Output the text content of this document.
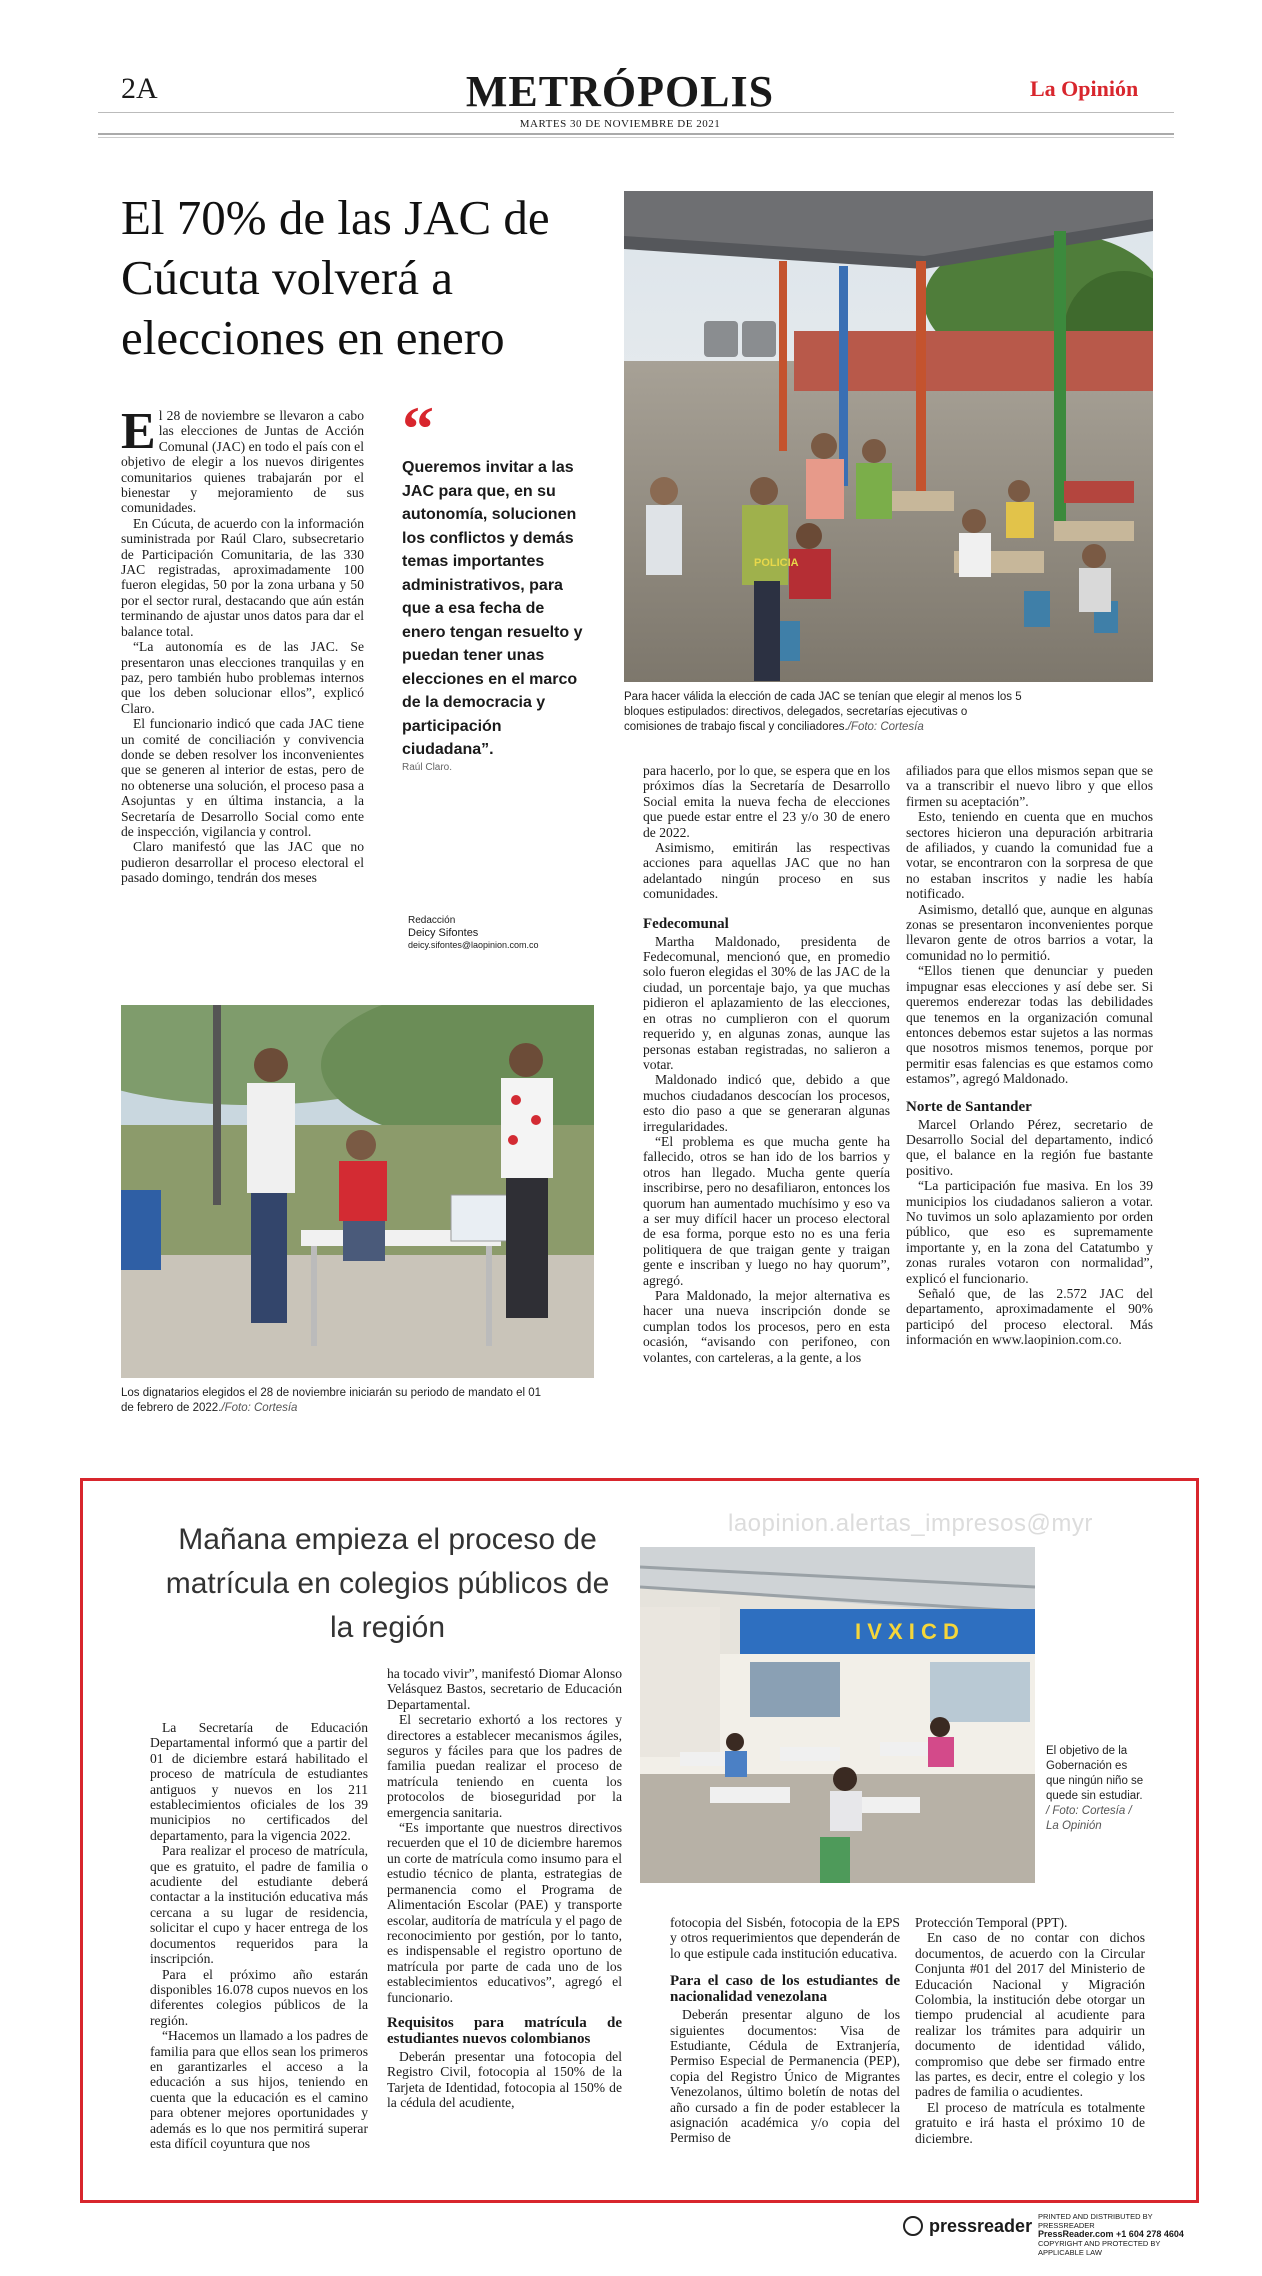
2A	METRÓPOLIS
MARTES 30 DE NOVIEMBRE DE 2021
La Opinión
El 70% de las JAC de Cúcuta volverá a elecciones en enero
POLICIA
Para hacer válida la elección de cada JAC se tenían que elegir al menos los 5 bloques estipulados: directivos, delegados, secretarías ejecutivas o comisiones de trabajo fiscal y conciliadores./Foto: Cortesía

El 28 de noviembre se llevaron a cabo las elecciones de Juntas de Acción Comunal (JAC) en todo el país con el objetivo de elegir a los nuevos dirigentes comunitarios quienes trabajarán por el bienestar y mejoramiento de sus comunidades.

En Cúcuta, de acuerdo con la información suministrada por Raúl Claro, subsecretario de Participación Comunitaria, de las 330 JAC registradas, aproximadamente 100 fueron elegidas, 50 por la zona urbana y 50 por el sector rural, destacando que aún están terminando de ajustar unos datos para dar el balance total.

“La autonomía es de las JAC. Se presentaron unas elecciones tranquilas y en paz, pero también hubo problemas internos que los deben solucionar ellos”, explicó Claro.

El funcionario indicó que cada JAC tiene un comité de conciliación y convivencia donde se deben resolver los inconvenientes que se generen al interior de estas, pero de no obtenerse una solución, el proceso pasa a Asojuntas y en última instancia, a la Secretaría de Desarrollo Social como ente de inspección, vigilancia y control.

Claro manifestó que las JAC que no pudieron desarrollar el proceso electoral el pasado domingo, tendrán dos meses

“
Queremos invitar a las JAC para que, en su autonomía, solucionen los conflictos y demás temas importantes administrativos, para que a esa fecha de enero tengan resuelto y puedan tener unas elecciones en el marco de la democracia y participación ciudadana”.
Raúl Claro.
Redacción
Deicy Sifontes
deicy.sifontes@laopinion.com.co
Los dignatarios elegidos el 28 de noviembre iniciarán su periodo de mandato el 01 de febrero de 2022./Foto: Cortesía

para hacerlo, por lo que, se espera que en los próximos días la Secretaría de Desarrollo Social emita la nueva fecha de elecciones que puede estar entre el 23 y/o 30 de enero de 2022.

Asimismo, emitirán las respectivas acciones para aquellas JAC que no han adelantado ningún proceso en sus comunidades.

Fedecomunal

Martha Maldonado, presidenta de Fedecomunal, mencionó que, en promedio solo fueron elegidas el 30% de las JAC de la ciudad, un porcentaje bajo, ya que muchas pidieron el aplazamiento de las elecciones, en otras no cumplieron con el quorum requerido y, en algunas zonas, aunque las personas estaban registradas, no salieron a votar.

Maldonado indicó que, debido a que muchos ciudadanos descocían los procesos, esto dio paso a que se generaran algunas irregularidades.

“El problema es que mucha gente ha fallecido, otros se han ido de los barrios y otros han llegado. Mucha gente quería inscribirse, pero no desafiliaron, entonces los quorum han aumentado muchísimo y eso va a ser muy difícil hacer un proceso electoral de esa forma, porque esto no es una feria politiquera de que traigan gente y traigan gente e inscriban y luego no hay quorum”, agregó.

Para Maldonado, la mejor alternativa es hacer una nueva inscripción donde se cumplan todos los procesos, pero en esta ocasión, “avisando con perifoneo, con volantes, con carteleras, a la gente, a los

afiliados para que ellos mismos sepan que se va a transcribir el nuevo libro y que ellos firmen su aceptación”.

Esto, teniendo en cuenta que en muchos sectores hicieron una depuración arbitraria de afiliados, y cuando la comunidad fue a votar, se encontraron con la sorpresa de que no estaban inscritos y nadie les había notificado.

Asimismo, detalló que, aunque en algunas zonas se presentaron inconvenientes porque llevaron gente de otros barrios a votar, la comunidad no lo permitió.

“Ellos tienen que denunciar y pueden impugnar esas elecciones y así debe ser. Si queremos enderezar todas las debilidades que tenemos en la organización comunal entonces debemos estar sujetos a las normas que nosotros mismos tenemos, porque por permitir esas falencias es que estamos como estamos”, agregó Maldonado.

Norte de Santander

Marcel Orlando Pérez, secretario de Desarrollo Social del departamento, indicó que, el balance en la región fue bastante positivo.

“La participación fue masiva. En los 39 municipios los ciudadanos salieron a votar. No tuvimos un solo aplazamiento por orden público, que eso es supremamente importante y, en la zona del Catatumbo y zonas rurales votaron con normalidad”, explicó el funcionario.

Señaló que, de las 2.572 JAC del departamento, aproximadamente el 90% participó del proceso electoral. Más información en www.laopinion.com.co.

laopinion.alertas_impresos@myr
Mañana empieza el proceso de matrícula en colegios públicos de la región	I V X I C D
El objetivo de la Gobernación es que ningún niño se quede sin estudiar. / Foto: Cortesía / La Opinión

La Secretaría de Educación Departamental informó que a partir del 01 de diciembre estará habilitado el proceso de matrícula de estudiantes antiguos y nuevos en los 211 establecimientos oficiales de los 39 municipios no certificados del departamento, para la vigencia 2022.

Para realizar el proceso de matrícula, que es gratuito, el padre de familia o acudiente del estudiante deberá contactar a la institución educativa más cercana a su lugar de residencia, solicitar el cupo y hacer entrega de los documentos requeridos para la inscripción.

Para el próximo año estarán disponibles 16.078 cupos nuevos en los diferentes colegios públicos de la región.

“Hacemos un llamado a los padres de familia para que ellos sean los primeros en garantizarles el acceso a la educación a sus hijos, teniendo en cuenta que la educación es el camino para obtener mejores oportunidades y además es lo que nos permitirá superar esta difícil coyuntura que nos

ha tocado vivir”, manifestó Diomar Alonso Velásquez Bastos, secretario de Educación Departamental.

El secretario exhortó a los rectores y directores a establecer mecanismos ágiles, seguros y fáciles para que los padres de familia puedan realizar el proceso de matrícula teniendo en cuenta los protocolos de bioseguridad por la emergencia sanitaria.

“Es importante que nuestros directivos recuerden que el 10 de diciembre haremos un corte de matrícula como insumo para el estudio técnico de planta, estrategias de permanencia como el Programa de Alimentación Escolar (PAE) y transporte escolar, auditoría de matrícula y el pago de reconocimiento por gestión, por lo tanto, es indispensable el registro oportuno de matrícula por parte de cada uno de los establecimientos educativos”, agregó el funcionario.

Requisitos para matrícula de estudiantes nuevos colombianos

Deberán presentar una fotocopia del Registro Civil, fotocopia al 150% de la Tarjeta de Identidad, fotocopia al 150% de la cédula del acudiente,

fotocopia del Sisbén, fotocopia de la EPS y otros requerimientos que dependerán de lo que estipule cada institución educativa.

Para el caso de los estudiantes de nacionalidad venezolana

Deberán presentar alguno de los siguientes documentos: Visa de Estudiante, Cédula de Extranjería, Permiso Especial de Permanencia (PEP), copia del Registro Único de Migrantes Venezolanos, último boletín de notas del año cursado a fin de poder establecer la asignación académica y/o copia del Permiso de

Protección Temporal (PPT).

En caso de no contar con dichos documentos, de acuerdo con la Circular Conjunta #01 del 2017 del Ministerio de Educación Nacional y Migración Colombia, la institución debe otorgar un tiempo prudencial al acudiente para realizar los trámites para adquirir un documento de identidad válido, compromiso que debe ser firmado entre las partes, es decir, entre el colegio y los padres de familia o acudientes.

El proceso de matrícula es totalmente gratuito e irá hasta el próximo 10 de diciembre.

pressreader PRINTED AND DISTRIBUTED BY PRESSREADER
PressReader.com +1 604 278 4604
COPYRIGHT AND PROTECTED BY APPLICABLE LAW
